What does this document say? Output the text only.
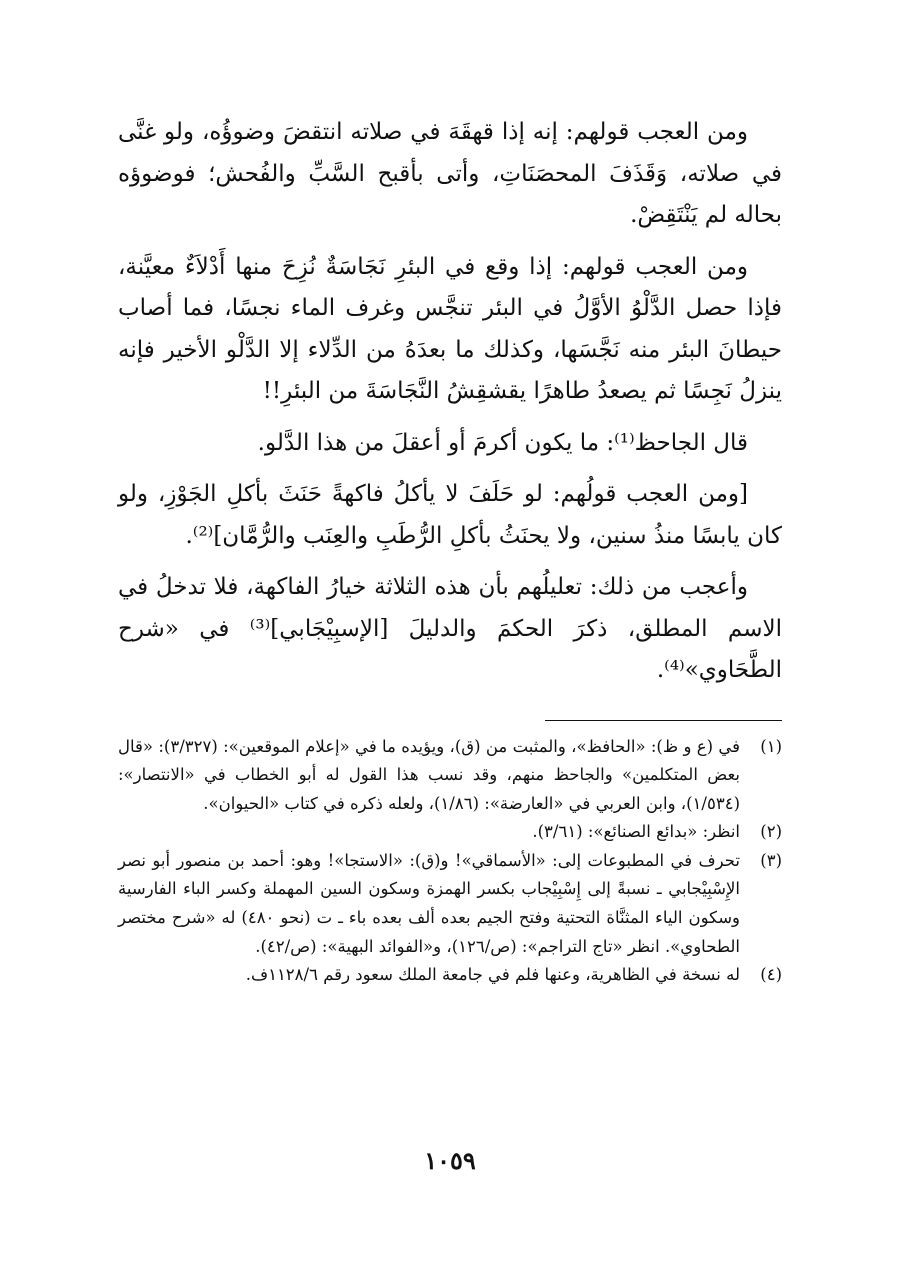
ومن العجب قولهم: إنه إذا قهقَهَ في صلاته انتقضَ وضوؤُه، ولو غنَّى في صلاته، وَقَذَفَ المحصَنَاتِ، وأتى بأقبح السَّبِّ والفُحش؛ فوضوؤه بحاله لم يَنْتَقِضْ.

ومن العجب قولهم: إذا وقع في البئرِ نَجَاسَةٌ نُزِحَ منها أَدْلاَءٌ معيَّنة، فإذا حصل الدَّلْوُ الأوَّلُ في البئر تنجَّس وغرف الماء نجسًا، فما أصاب حيطانَ البئر منه نَجَّسَها، وكذلك ما بعدَهُ من الدِّلاء إلا الدَّلْو الأخير فإنه ينزلُ نَجِسًا ثم يصعدُ طاهرًا يقشقِشُ النَّجَاسَةَ من البئرِ!!

قال الجاحظ⁽¹⁾: ما يكون أكرمَ أو أعقلَ من هذا الدَّلو.

[ومن العجب قولُهم: لو حَلَفَ لا يأكلُ فاكهةً حَنَثَ بأكلِ الجَوْزِ، ولو كان يابسًا منذُ سنين، ولا يحنَثُ بأكلِ الرُّطَبِ والعِنَب والرُّمَّان]⁽²⁾.

وأعجب من ذلك: تعليلُهم بأن هذه الثلاثة خيارُ الفاكهة، فلا تدخلُ في الاسم المطلق، ذكرَ الحكمَ والدليلَ [الإسبِيْجَابي]⁽³⁾ في «شرح الطَّحَاوي»⁽⁴⁾.

(١)
في (ع و ظ): «الحافظ»، والمثبت من (ق)، ويؤيده ما في «إعلام الموقعين»: (٣/٣٢٧): «قال بعض المتكلمين» والجاحظ منهم، وقد نسب هذا القول له أبو الخطاب في «الانتصار»: (١/٥٣٤)، وابن العربي في «العارضة»: (١/٨٦)، ولعله ذكره في كتاب «الحيوان».
(٢)
انظر: «بدائع الصنائع»: (٣/٦١).
(٣)
تحرف في المطبوعات إلى: «الأسماقي»! و(ق): «الاستجا»! وهو: أحمد بن منصور أبو نصر الإِسْبِيْجابي ـ نسبةً إلى إِسْبِيْجاب بكسر الهمزة وسكون السين المهملة وكسر الباء الفارسية وسكون الياء المثنَّاة التحتية وفتح الجيم بعده ألف بعده باء ـ ت (نحو ٤٨٠) له «شرح مختصر الطحاوي». انظر «تاج التراجم»: (ص/١٢٦)، و«الفوائد البهية»: (ص/٤٢).
(٤)
له نسخة في الظاهرية، وعنها فلم في جامعة الملك سعود رقم ١١٢٨/٦ف.
١٠٥٩
